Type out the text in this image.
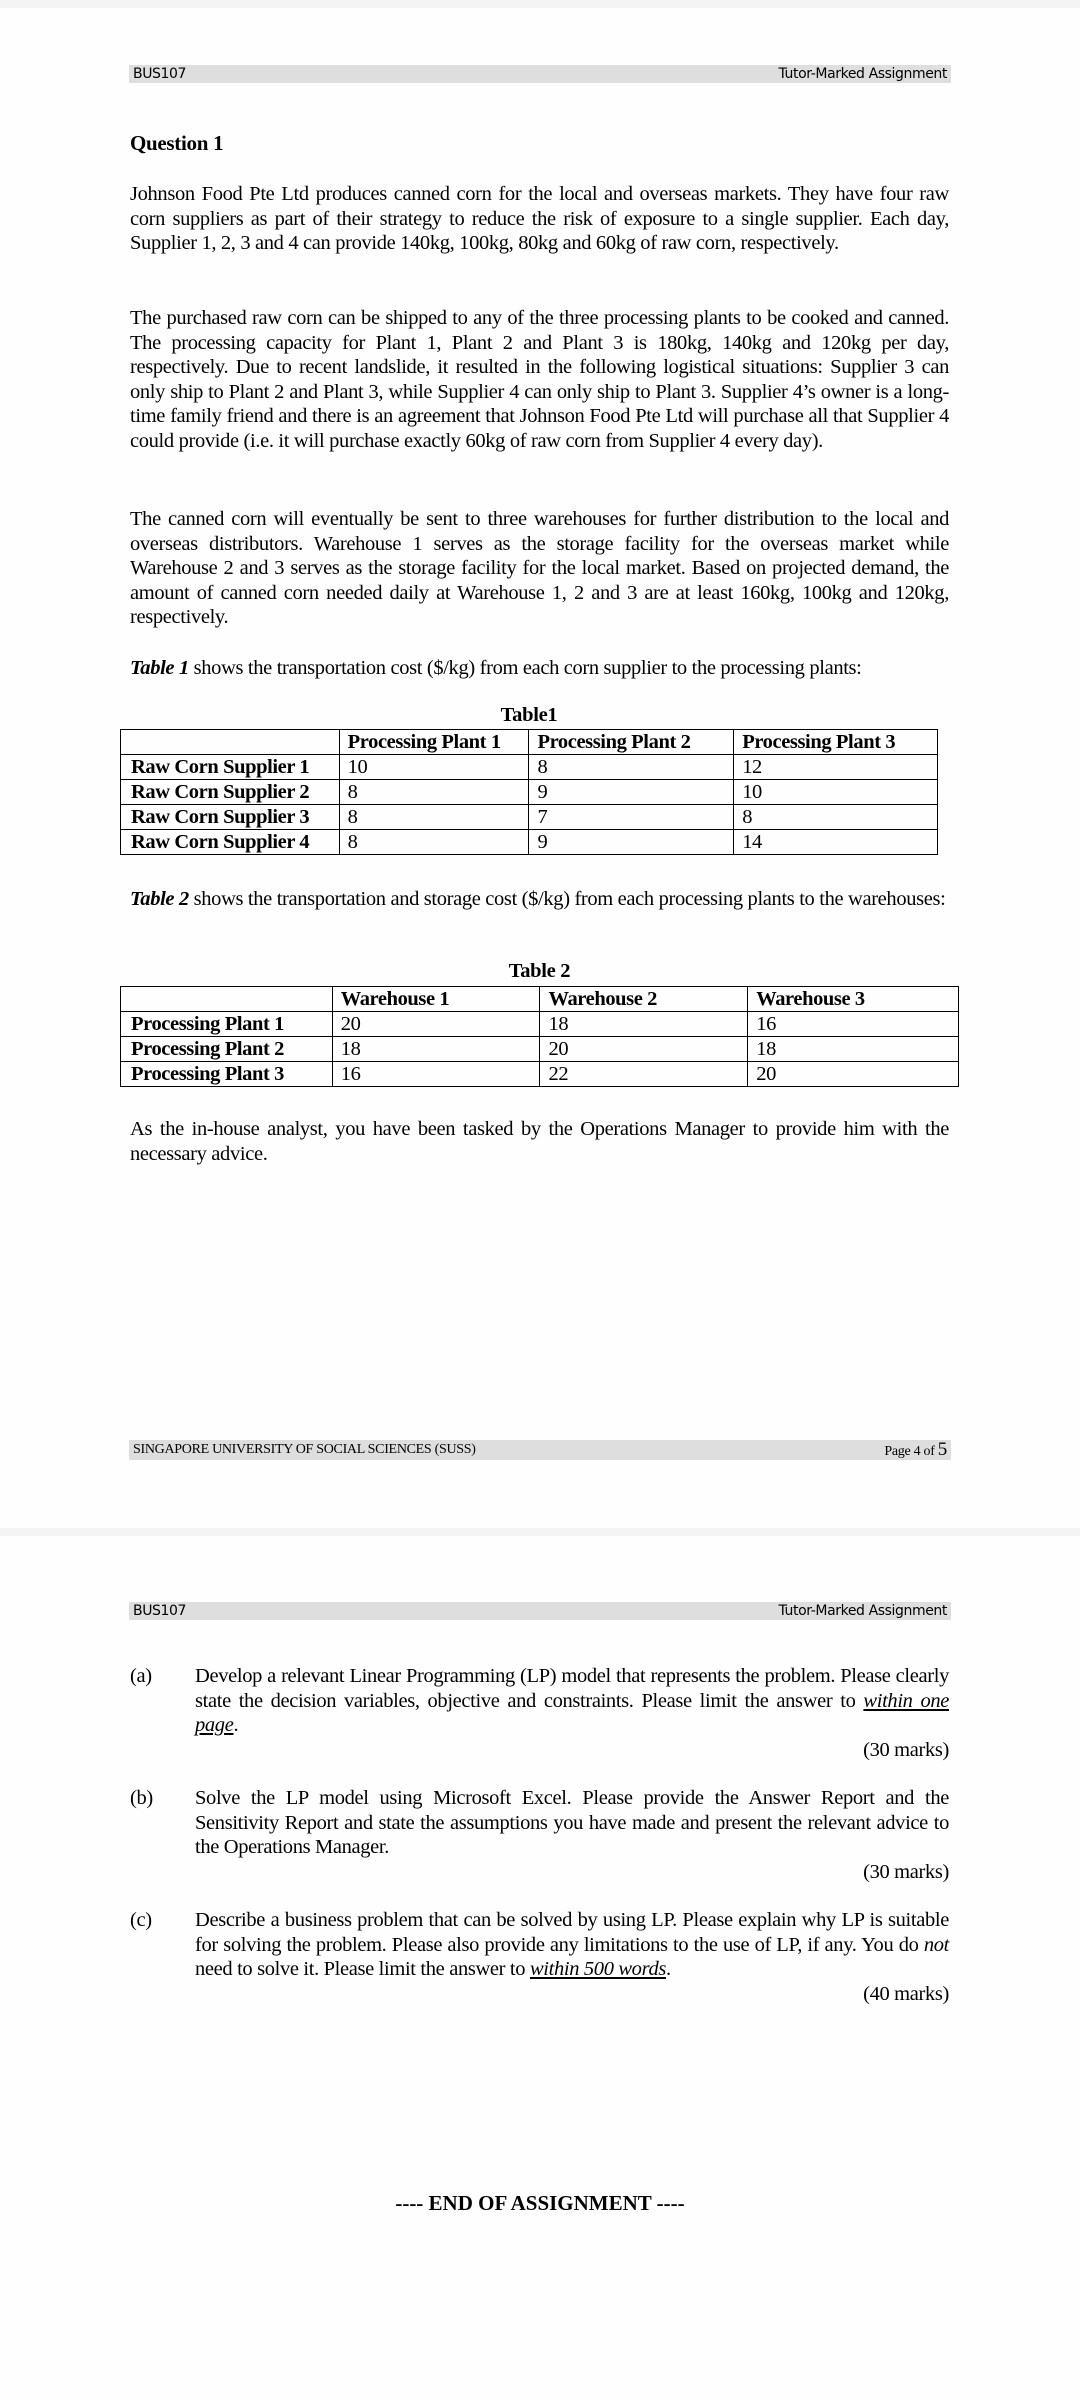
BUS107	Tutor-Marked Assignment
Question 1
Johnson Food Pte Ltd produces canned corn for the local and overseas markets. They have four raw corn suppliers as part of their strategy to reduce the risk of exposure to a single supplier. Each day, Supplier 1, 2, 3 and 4 can provide 140kg, 100kg, 80kg and 60kg of raw corn, respectively.
The purchased raw corn can be shipped to any of the three processing plants to be cooked and canned. The processing capacity for Plant 1, Plant 2 and Plant 3 is 180kg, 140kg and 120kg per day, respectively. Due to recent landslide, it resulted in the following logistical situations: Supplier 3 can only ship to Plant 2 and Plant 3, while Supplier 4 can only ship to Plant 3. Supplier 4’s owner is a long-time family friend and there is an agreement that Johnson Food Pte Ltd will purchase all that Supplier 4 could provide (i.e. it will purchase exactly 60kg of raw corn from Supplier 4 every day).
The canned corn will eventually be sent to three warehouses for further distribution to the local and overseas distributors. Warehouse 1 serves as the storage facility for the overseas market while Warehouse 2 and 3 serves as the storage facility for the local market. Based on projected demand, the amount of canned corn needed daily at Warehouse 1, 2 and 3 are at least 160kg, 100kg and 120kg, respectively.
Table 1 shows the transportation cost ($/kg) from each corn supplier to the processing plants:
Table1
	Processing Plant 1	Processing Plant 2	Processing Plant 3
Raw Corn Supplier 1	10	8	12
Raw Corn Supplier 2	8	9	10
Raw Corn Supplier 3	8	7	8
Raw Corn Supplier 4	8	9	14
Table 2 shows the transportation and storage cost ($/kg) from each processing plants to the warehouses:
Table 2
	Warehouse 1	Warehouse 2	Warehouse 3
Processing Plant 1	20	18	16
Processing Plant 2	18	20	18
Processing Plant 3	16	22	20
As the in-house analyst, you have been tasked by the Operations Manager to provide him with the necessary advice.
SINGAPORE UNIVERSITY OF SOCIAL SCIENCES (SUSS)	Page 4 of 5
BUS107	Tutor-Marked Assignment
(a) Develop a relevant Linear Programming (LP) model that represents the problem. Please clearly state the decision variables, objective and constraints. Please limit the answer to within one page.
(30 marks)
(b) Solve the LP model using Microsoft Excel. Please provide the Answer Report and the Sensitivity Report and state the assumptions you have made and present the relevant advice to the Operations Manager.
(30 marks)
(c) Describe a business problem that can be solved by using LP. Please explain why LP is suitable for solving the problem. Please also provide any limitations to the use of LP, if any. You do not need to solve it. Please limit the answer to within 500 words.
(40 marks)
---- END OF ASSIGNMENT ----
